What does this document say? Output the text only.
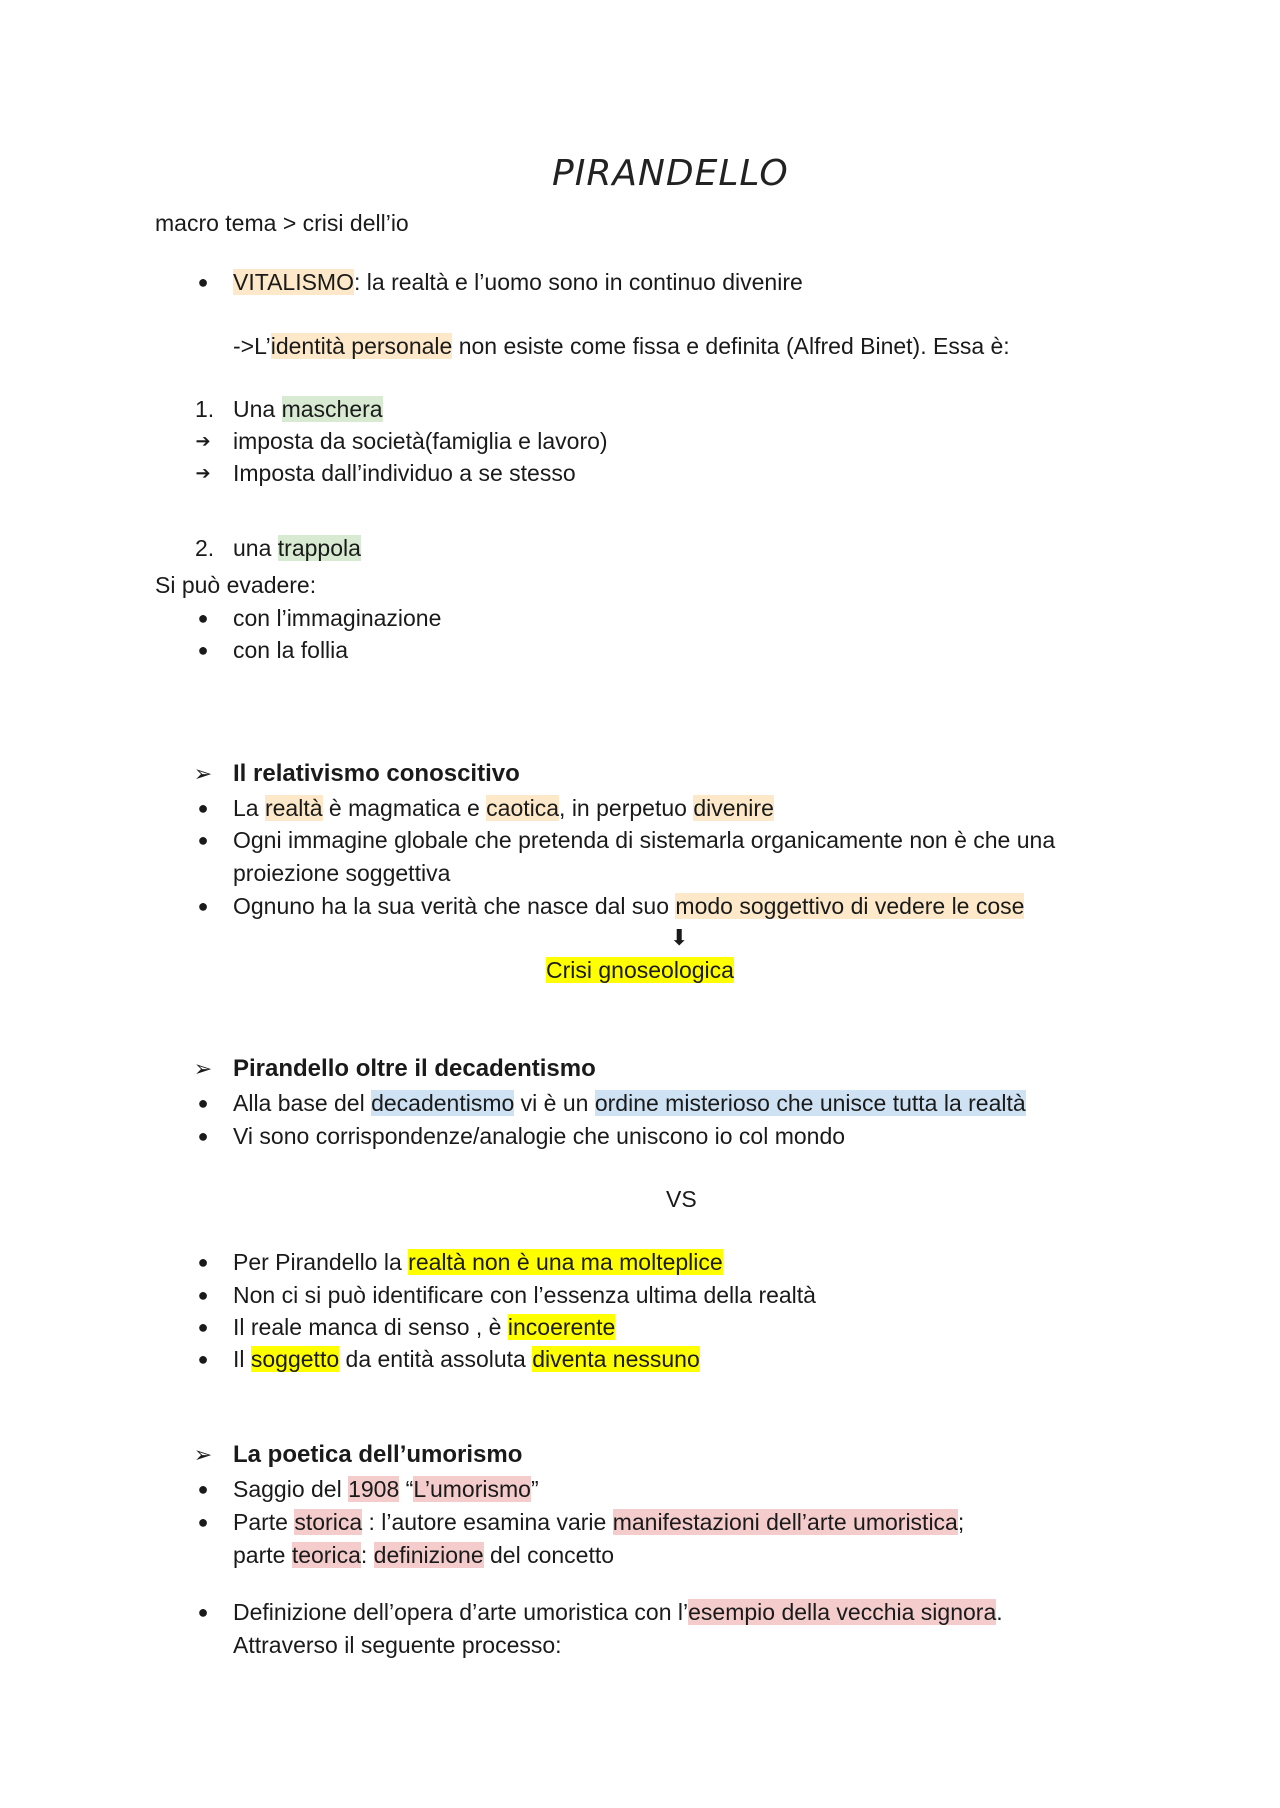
PIRANDELLO
macro tema > crisi dell’io
● VITALISMO: la realtà e l’uomo sono in continuo divenire
->L’identità personale non esiste come fissa e definita (Alfred Binet). Essa è:
1. Una maschera
➔ imposta da società(famiglia e lavoro)
➔ Imposta dall’individuo a se stesso
2. una trappola
Si può evadere:
● con l’immaginazione
● con la follia
➢ Il relativismo conoscitivo
● La realtà è magmatica e caotica, in perpetuo divenire
● Ogni immagine globale che pretenda di sistemarla organicamente non è che una
proiezione soggettiva
● Ognuno ha la sua verità che nasce dal suo modo soggettivo di vedere le cose
⬇
Crisi gnoseologica
➢ Pirandello oltre il decadentismo
● Alla base del decadentismo vi è un ordine misterioso che unisce tutta la realtà
● Vi sono corrispondenze/analogie che uniscono io col mondo
VS
● Per Pirandello la realtà non è una ma molteplice
● Non ci si può identificare con l’essenza ultima della realtà
● Il reale manca di senso , è incoerente
● Il soggetto da entità assoluta diventa nessuno
➢ La poetica dell’umorismo
● Saggio del 1908 “L’umorismo”
● Parte storica : l’autore esamina varie manifestazioni dell’arte umoristica;
parte teorica: definizione del concetto
● Definizione dell’opera d’arte umoristica con l’esempio della vecchia signora.
Attraverso il seguente processo:
